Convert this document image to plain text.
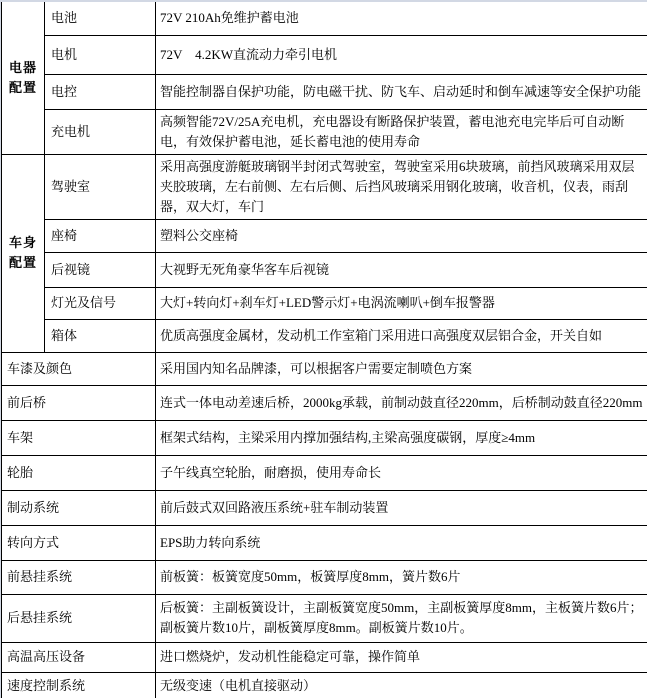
电器配置	电池	72V 210Ah免维护蓄电池
	电机	72V    4.2KW直流动力牵引电机
	电控	智能控制器自保护功能，防电磁干扰、防飞车、启动延时和倒车减速等安全保护功能
	充电机	高频智能72V/25A充电机，充电器设有断路保护装置，蓄电池充电完毕后可自动断电，有效保护蓄电池，延长蓄电池的使用寿命
车身配置	驾驶室	采用高强度游艇玻璃钢半封闭式驾驶室，驾驶室采用6块玻璃，前挡风玻璃采用双层夹胶玻璃，左右前侧、左右后侧、后挡风玻璃采用钢化玻璃，收音机，仪表，雨刮器，双大灯，车门
	座椅	塑料公交座椅
	后视镜	大视野无死角豪华客车后视镜
	灯光及信号	大灯+转向灯+刹车灯+LED警示灯+电涡流喇叭+倒车报警器
	箱体	优质高强度金属材，发动机工作室箱门采用进口高强度双层铝合金，开关自如
车漆及颜色		采用国内知名品牌漆，可以根据客户需要定制喷色方案
前后桥		连式一体电动差速后桥，2000kg承载，前制动鼓直径220mm，后桥制动鼓直径220mm
车架		框架式结构，主梁采用内撑加强结构,主梁高强度碳钢，厚度≥4mm
轮胎		子午线真空轮胎，耐磨损，使用寿命长
制动系统		前后鼓式双回路液压系统+驻车制动装置
转向方式		EPS助力转向系统
前悬挂系统		前板簧：板簧宽度50mm，板簧厚度8mm，簧片数6片
后悬挂系统		后板簧：主副板簧设计，主副板簧宽度50mm，主副板簧厚度8mm，主板簧片数6片；副板簧片数10片，副板簧厚度8mm。副板簧片数10片。
高温高压设备		进口燃烧炉，发动机性能稳定可靠，操作简单
速度控制系统		无级变速（电机直接驱动）
